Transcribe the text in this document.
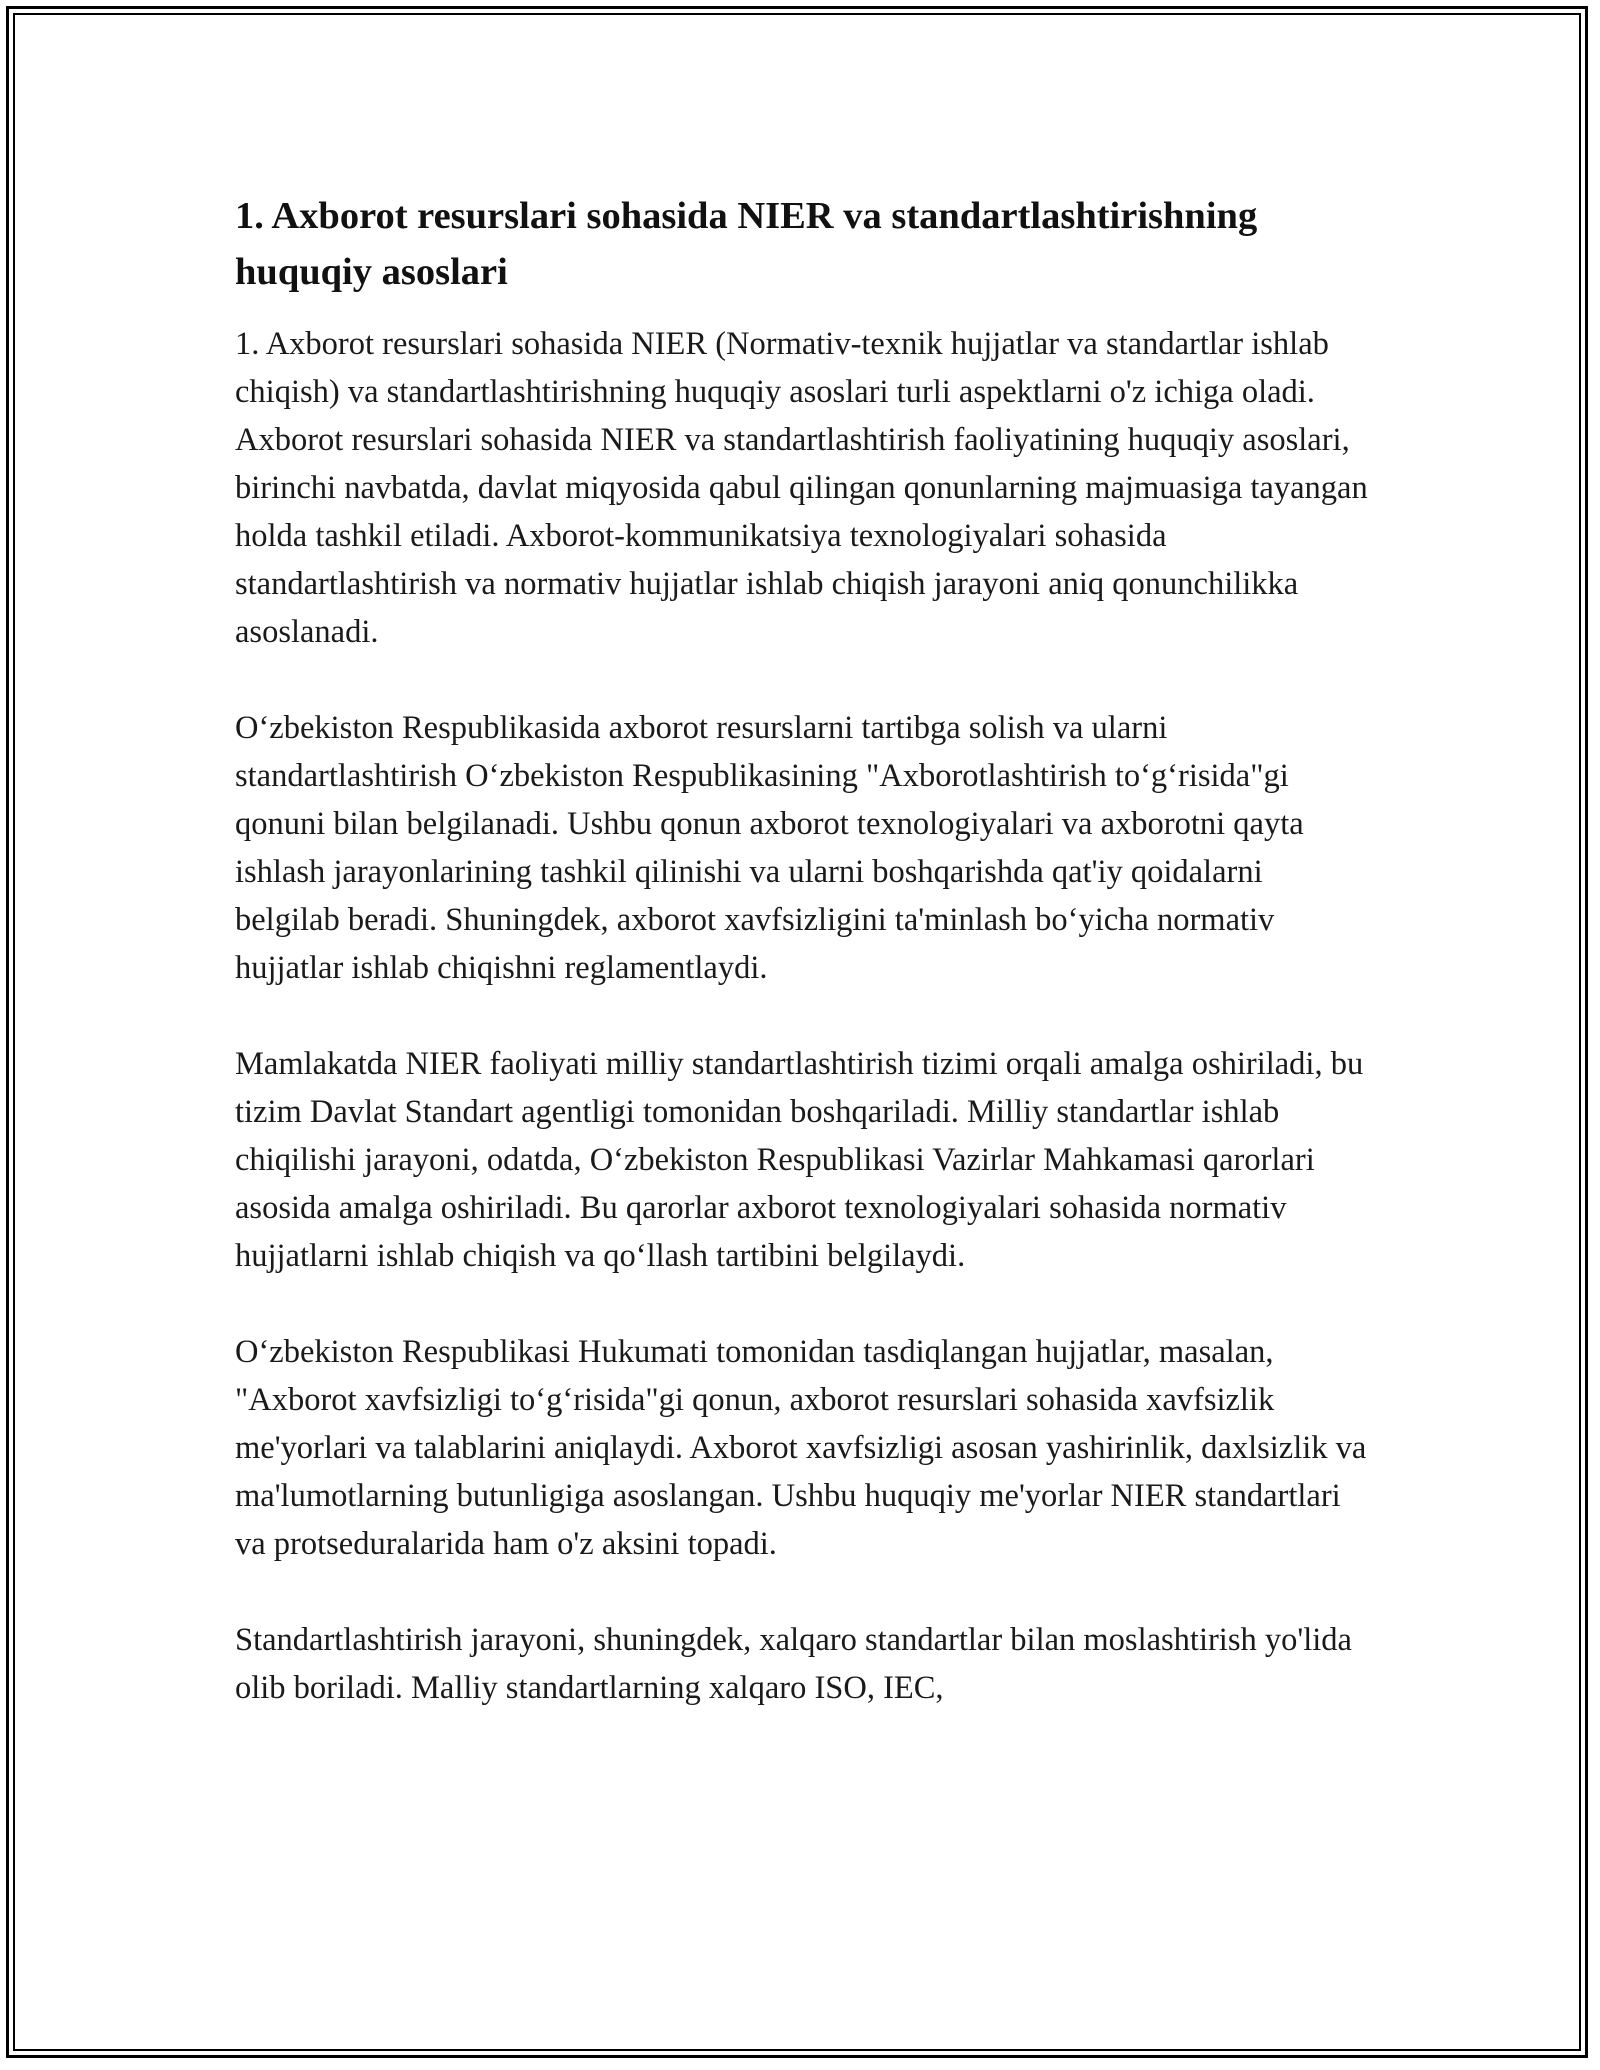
1. Axborot resurslari sohasida NIER va standartlashtirishning huquqiy asoslari

1. Axborot resurslari sohasida NIER (Normativ-texnik hujjatlar va standartlar ishlab chiqish) va standartlashtirishning huquqiy asoslari turli aspektlarni o'z ichiga oladi. Axborot resurslari sohasida NIER va standartlashtirish faoliyatining huquqiy asoslari, birinchi navbatda, davlat miqyosida qabul qilingan qonunlarning majmuasiga tayangan holda tashkil etiladi. Axborot-kommunikatsiya texnologiyalari sohasida standartlashtirish va normativ hujjatlar ishlab chiqish jarayoni aniq qonunchilikka asoslanadi.

O‘zbekiston Respublikasida axborot resurslarni tartibga solish va ularni standartlashtirish O‘zbekiston Respublikasining "Axborotlashtirish to‘g‘risida"gi qonuni bilan belgilanadi. Ushbu qonun axborot texnologiyalari va axborotni qayta ishlash jarayonlarining tashkil qilinishi va ularni boshqarishda qat'iy qoidalarni belgilab beradi. Shuningdek, axborot xavfsizligini ta'minlash bo‘yicha normativ hujjatlar ishlab chiqishni reglamentlaydi.

Mamlakatda NIER faoliyati milliy standartlashtirish tizimi orqali amalga oshiriladi, bu tizim Davlat Standart agentligi tomonidan boshqariladi. Milliy standartlar ishlab chiqilishi jarayoni, odatda, O‘zbekiston Respublikasi Vazirlar Mahkamasi qarorlari asosida amalga oshiriladi. Bu qarorlar axborot texnologiyalari sohasida normativ hujjatlarni ishlab chiqish va qo‘llash tartibini belgilaydi.

O‘zbekiston Respublikasi Hukumati tomonidan tasdiqlangan hujjatlar, masalan, "Axborot xavfsizligi to‘g‘risida"gi qonun, axborot resurslari sohasida xavfsizlik me'yorlari va talablarini aniqlaydi. Axborot xavfsizligi asosan yashirinlik, daxlsizlik va ma'lumotlarning butunligiga asoslangan. Ushbu huquqiy me'yorlar NIER standartlari va protseduralarida ham o'z aksini topadi.

Standartlashtirish jarayoni, shuningdek, xalqaro standartlar bilan moslashtirish yo'lida olib boriladi. Malliy standartlarning xalqaro ISO, IEC,
